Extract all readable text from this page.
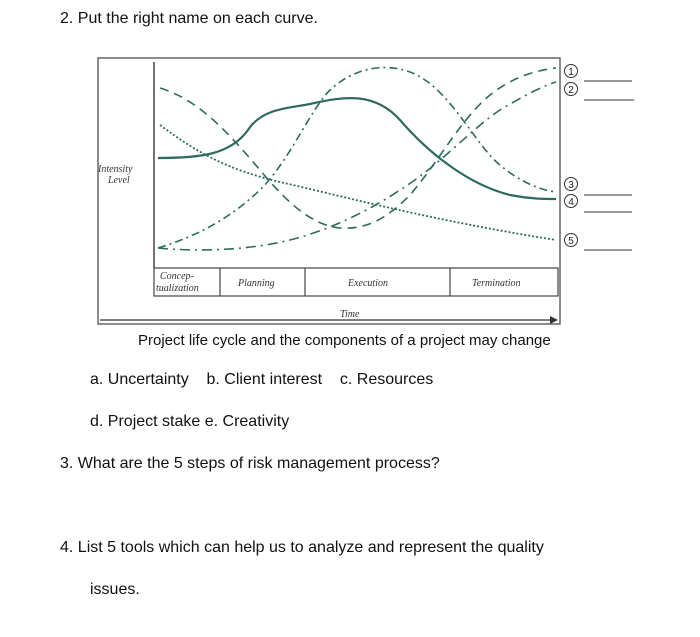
2. Put the right name on each curve.
Concep-
tualization	Planning	Execution	Termination
Time
Intensity
Level
1
2
3
4
5
Project life cycle and the components of a project may change
a. Uncertainty    b. Client interest    c. Resources
d. Project stake e. Creativity
3. What are the 5 steps of risk management process?
4. List 5 tools which can help us to analyze and represent the quality
issues.
